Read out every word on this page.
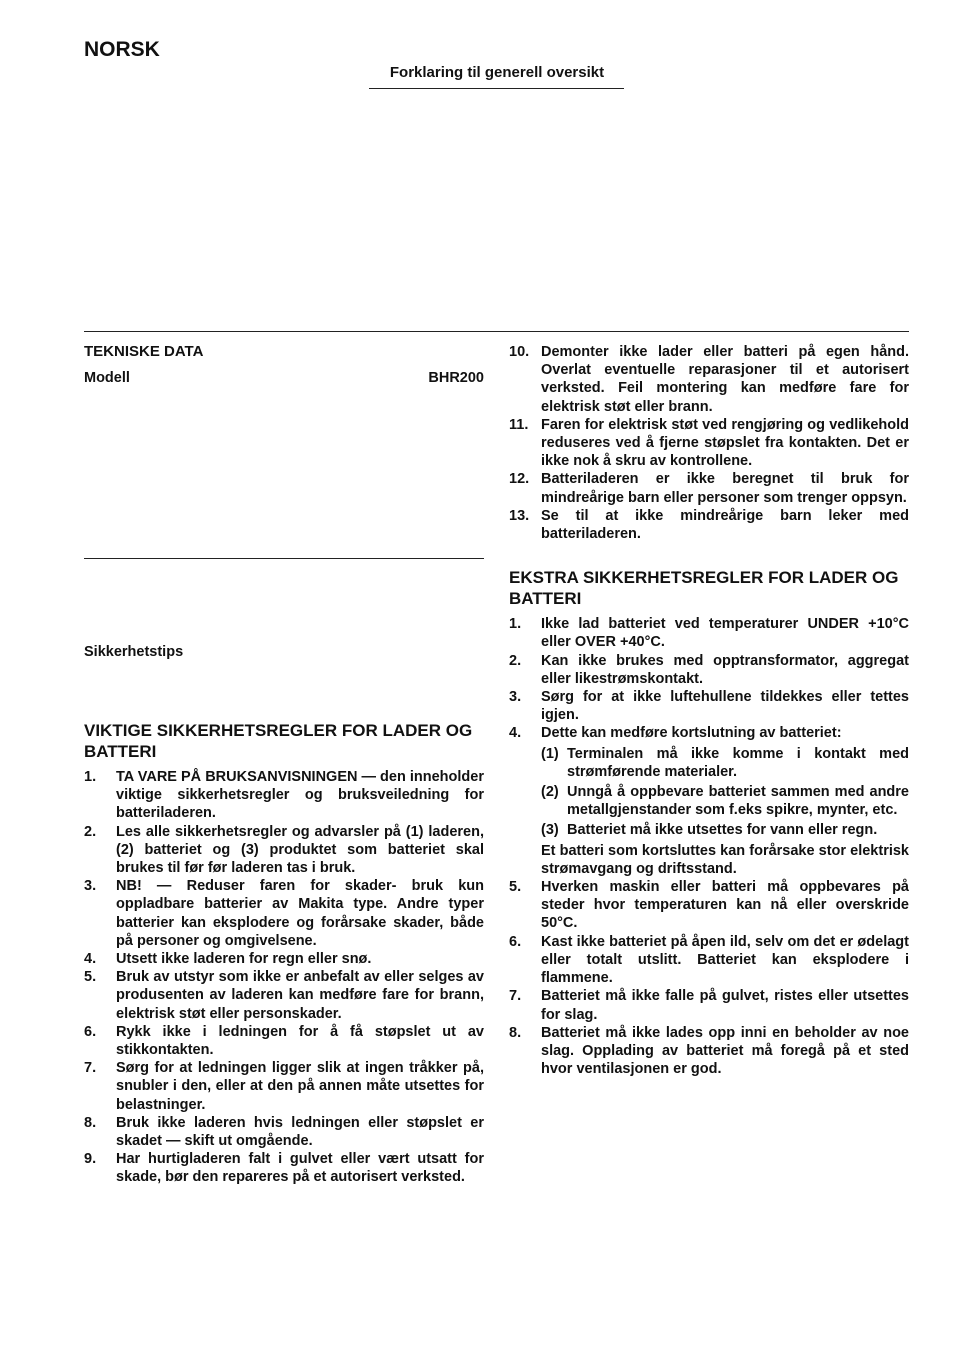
NORSK
Forklaring til generell oversikt
TEKNISKE DATA
Modell	BHR200
Sikkerhetstips
VIKTIGE SIKKERHETSREGLER FOR LADER OG BATTERI
1.	TA VARE PÅ BRUKSANVISNINGEN — den inneholder viktige sikkerhetsregler og bruksveiledning for batteriladeren.
2.	Les alle sikkerhetsregler og advarsler på (1) laderen, (2) batteriet og (3) produktet som batteriet skal brukes til før før laderen tas i bruk.
3.	NB! — Reduser faren for skader- bruk kun oppladbare batterier av Makita type. Andre typer batterier kan eksplodere og forårsake skader, både på personer og omgivelsene.
4.	Utsett ikke laderen for regn eller snø.
5.	Bruk av utstyr som ikke er anbefalt av eller selges av produsenten av laderen kan medføre fare for brann, elektrisk støt eller personskader.
6.	Rykk ikke i ledningen for å få støpslet ut av stikkontakten.
7.	Sørg for at ledningen ligger slik at ingen tråkker på, snubler i den, eller at den på annen måte utsettes for belastninger.
8.	Bruk ikke laderen hvis ledningen eller støpslet er skadet — skift ut omgående.
9.	Har hurtigladeren falt i gulvet eller vært utsatt for skade, bør den repareres på et autorisert verksted.
10. Demonter ikke lader eller batteri på egen hånd. Overlat eventuelle reparasjoner til et autorisert verksted. Feil montering kan medføre fare for elektrisk støt eller brann.
11. Faren for elektrisk støt ved rengjøring og vedlikehold reduseres ved å fjerne støpslet fra kontakten. Det er ikke nok å skru av kontrollene.
12. Batteriladeren er ikke beregnet til bruk for mindreårige barn eller personer som trenger oppsyn.
13. Se til at ikke mindreårige barn leker med batteriladeren.
EKSTRA SIKKERHETSREGLER FOR LADER OG BATTERI
1.	Ikke lad batteriet ved temperaturer UNDER +10°C eller OVER +40°C.
2.	Kan ikke brukes med opptransformator, aggregat eller likestrømskontakt.
3.	Sørg for at ikke luftehullene tildekkes eller tettes igjen.
4.	Dette kan medføre kortslutning av batteriet:
(1) Terminalen må ikke komme i kontakt med strømførende materialer.
(2) Unngå å oppbevare batteriet sammen med andre metallgjenstander som f.eks spikre, mynter, etc.
(3) Batteriet må ikke utsettes for vann eller regn.
Et batteri som kortsluttes kan forårsake stor elektrisk strømavgang og driftsstand.
5.	Hverken maskin eller batteri må oppbevares på steder hvor temperaturen kan nå eller overskride 50°C.
6.	Kast ikke batteriet på åpen ild, selv om det er ødelagt eller totalt utslitt. Batteriet kan eksplodere i flammene.
7.	Batteriet må ikke falle på gulvet, ristes eller utsettes for slag.
8.	Batteriet må ikke lades opp inni en beholder av noe slag. Opplading av batteriet må foregå på et sted hvor ventilasjonen er god.
